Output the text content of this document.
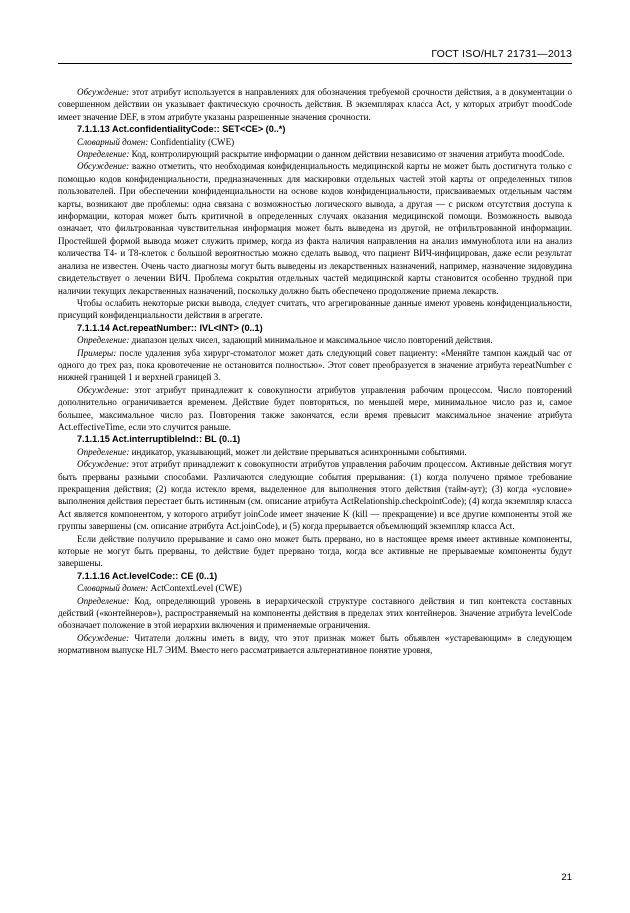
ГОСТ ISO/HL7 21731—2013

Обсуждение: этот атрибут используется в направлениях для обозначения требуемой срочности действия, а в документации о совершенном действии он указывает фактическую срочность действия. В экземплярах класса Act, у которых атрибут moodCode имеет значение DEF, в этом атрибуте указаны разрешенные значения срочности.

7.1.1.13 Act.confidentialityCode:: SET<CE> (0..*)

Словарный домен: Confidentiality (CWE)

Определение: Код, контролирующий раскрытие информации о данном действии независимо от значения атрибута moodCode.

Обсуждение: важно отметить, что необходимая конфиденциальность медицинской карты не может быть достигнута только с помощью кодов конфиденциальности, предназначенных для маскировки отдельных частей этой карты от определенных типов пользователей. При обеспечении конфиденциальности на основе кодов конфиденциальности, присваиваемых отдельным частям карты, возникают две проблемы: одна связана с возможностью логического вывода, а другая — с риском отсутствия доступа к информации, которая может быть критичной в определенных случаях оказания медицинской помощи. Возможность вывода означает, что фильтрованная чувствительная информация может быть выведена из другой, не отфильтрованной информации. Простейшей формой вывода может служить пример, когда из факта наличия направления на анализ иммуноблота или на анализ количества T4- и T8-клеток с большой вероятностью можно сделать вывод, что пациент ВИЧ-инфицирован, даже если результат анализа не известен. Очень часто диагнозы могут быть выведены из лекарственных назначений, например, назначение зидовудина свидетельствует о лечении ВИЧ. Проблема сокрытия отдельных частей медицинской карты становится особенно трудной при наличии текущих лекарственных назначений, поскольку должно быть обеспечено продолжение приема лекарств.

Чтобы ослабить некоторые риски вывода, следует считать, что агрегированные данные имеют уровень конфиденциальности, присущий конфиденциальности действия в агрегате.

7.1.1.14 Act.repeatNumber:: IVL<INT> (0..1)

Определение: диапазон целых чисел, задающий минимальное и максимальное число повторений действия.

Примеры: после удаления зуба хирург-стоматолог может дать следующий совет пациенту: «Меняйте тампон каждый час от одного до трех раз, пока кровотечение не остановится полностью». Этот совет преобразуется в значение атрибута repeatNumber с нижней границей 1 и верхней границей 3.

Обсуждение: этот атрибут принадлежит к совокупности атрибутов управления рабочим процессом. Число повторений дополнительно ограничивается временем. Действие будет повторяться, по меньшей мере, минимальное число раз и, самое большее, максимальное число раз. Повторения также закончатся, если время превысит максимальное значение атрибута Act.effectiveTime, если это случится раньше.

7.1.1.15 Act.interruptibleInd:: BL (0..1)

Определение: индикатор, указывающий, может ли действие прерываться асинхронными событиями.

Обсуждение: этот атрибут принадлежит к совокупности атрибутов управления рабочим процессом. Активные действия могут быть прерваны разными способами. Различаются следующие события прерывания: (1) когда получено прямое требование прекращения действия; (2) когда истекло время, выделенное для выполнения этого действия (тайм-аут); (3) когда «условие» выполнения действия перестает быть истинным (см. описание атрибута ActRelationship.checkpointCode); (4) когда экземпляр класса Act является компонентом, у которого атрибут joinCode имеет значение K (kill — прекращение) и все другие компоненты этой же группы завершены (см. описание атрибута Act.joinCode), и (5) когда прерывается объемлющий экземпляр класса Act.

Если действие получило прерывание и само оно может быть прервано, но в настоящее время имеет активные компоненты, которые не могут быть прерваны, то действие будет прервано тогда, когда все активные не прерываемые компоненты будут завершены.

7.1.1.16 Act.levelCode:: CE (0..1)

Словарный домен: ActContextLevel (CWE)

Определение: Код, определяющий уровень в иерархической структуре составного действия и тип контекста составных действий («контейнеров»), распространяемый на компоненты действия в пределах этих контейнеров. Значение атрибута levelCode обозначает положение в этой иерархии включения и применяемые ограничения.

Обсуждение: Читатели должны иметь в виду, что этот признак может быть объявлен «устаревающим» в следующем нормативном выпуске HL7 ЭИМ. Вместо него рассматривается альтернативное понятие уровня,

21
